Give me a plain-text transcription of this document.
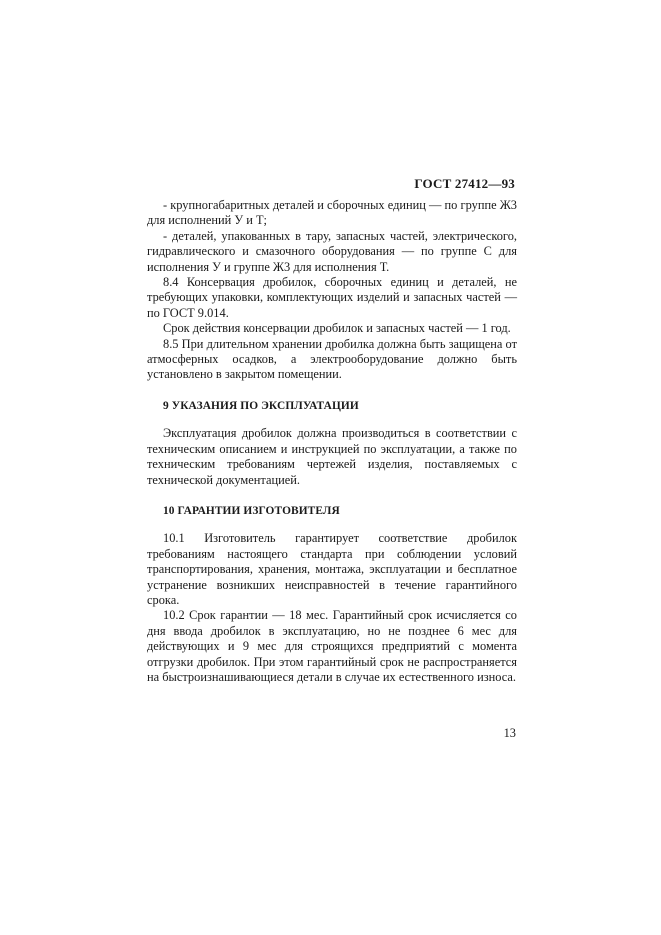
ГОСТ 27412—93

- крупногабаритных деталей и сборочных единиц — по группе Ж3 для исполнений У и Т;

- деталей, упакованных в тару, запасных частей, электрического, гидравлического и смазочного оборудования — по группе С для исполнения У и группе Ж3 для исполнения Т.

8.4 Консервация дробилок, сборочных единиц и деталей, не требующих упаковки, комплектующих изделий и запасных частей — по ГОСТ 9.014.

Срок действия консервации дробилок и запасных частей — 1 год.

8.5 При длительном хранении дробилка должна быть защищена от атмосферных осадков, а электрооборудование должно быть установлено в закрытом помещении.

9 УКАЗАНИЯ ПО ЭКСПЛУАТАЦИИ

Эксплуатация дробилок должна производиться в соответствии с техническим описанием и инструкцией по эксплуатации, а также по техническим требованиям чертежей изделия, поставляемых с технической документацией.

10 ГАРАНТИИ ИЗГОТОВИТЕЛЯ

10.1 Изготовитель гарантирует соответствие дробилок требованиям настоящего стандарта при соблюдении условий транспортирования, хранения, монтажа, эксплуатации и бесплатное устранение возникших неисправностей в течение гарантийного срока.

10.2 Срок гарантии — 18 мес. Гарантийный срок исчисляется со дня ввода дробилок в эксплуатацию, но не позднее 6 мес для действующих и 9 мес для строящихся предприятий с момента отгрузки дробилок. При этом гарантийный срок не распространяется на быстроизнашивающиеся детали в случае их естественного износа.

13
